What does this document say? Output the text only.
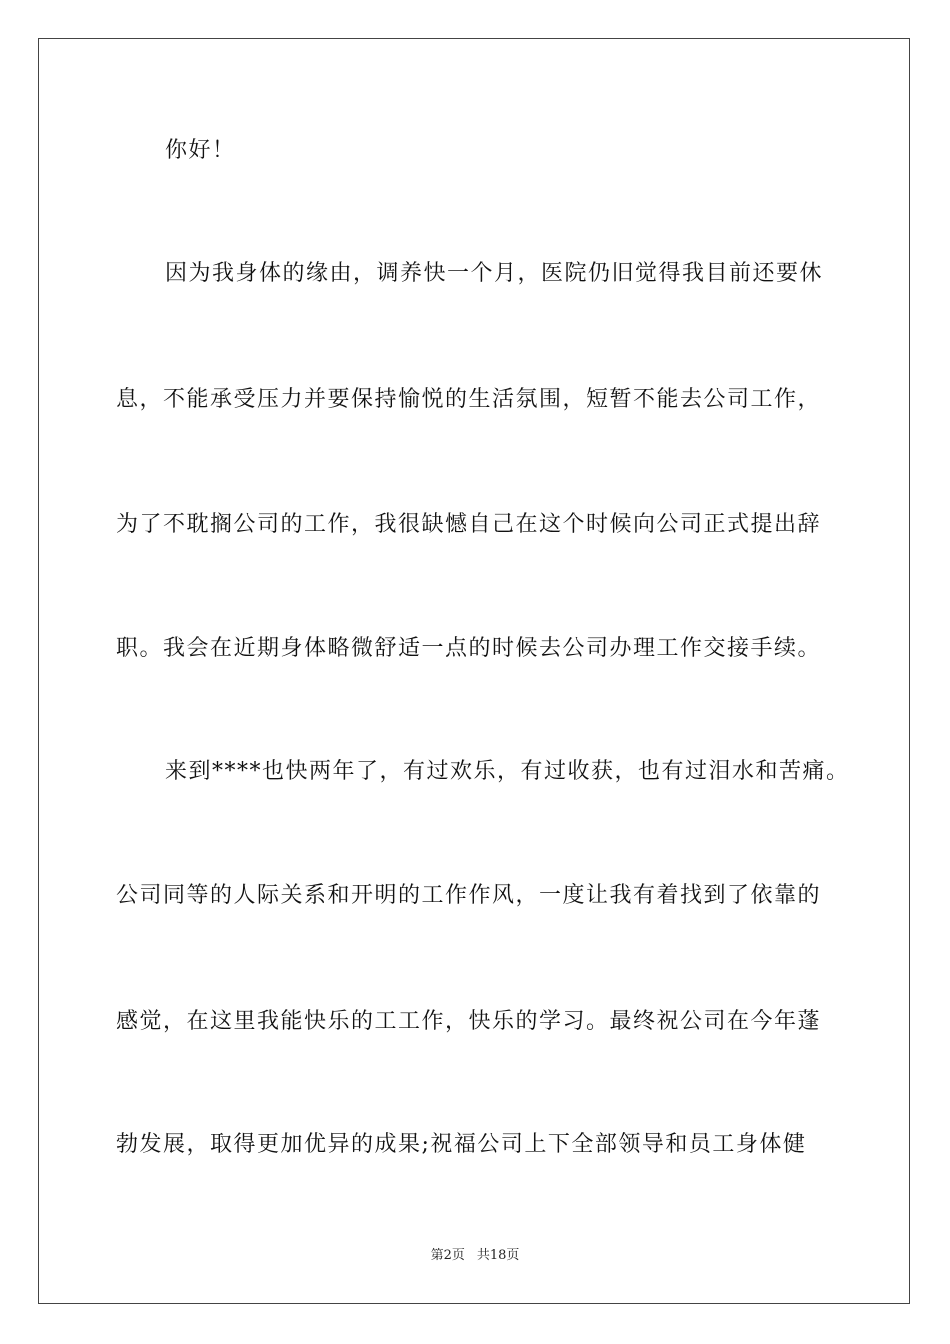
你好！
因为我身体的缘由，调养快一个月，医院仍旧觉得我目前还要休
息，不能承受压力并要保持愉悦的生活氛围，短暂不能去公司工作，
为了不耽搁公司的工作，我很缺憾自己在这个时候向公司正式提出辞
职。我会在近期身体略微舒适一点的时候去公司办理工作交接手续。
来到****也快两年了，有过欢乐，有过收获，也有过泪水和苦痛。
公司同等的人际关系和开明的工作作风，一度让我有着找到了依靠的
感觉，在这里我能快乐的工工作，快乐的学习。最终祝公司在今年蓬
勃发展，取得更加优异的成果;祝福公司上下全部领导和员工身体健
第2页 共18页
